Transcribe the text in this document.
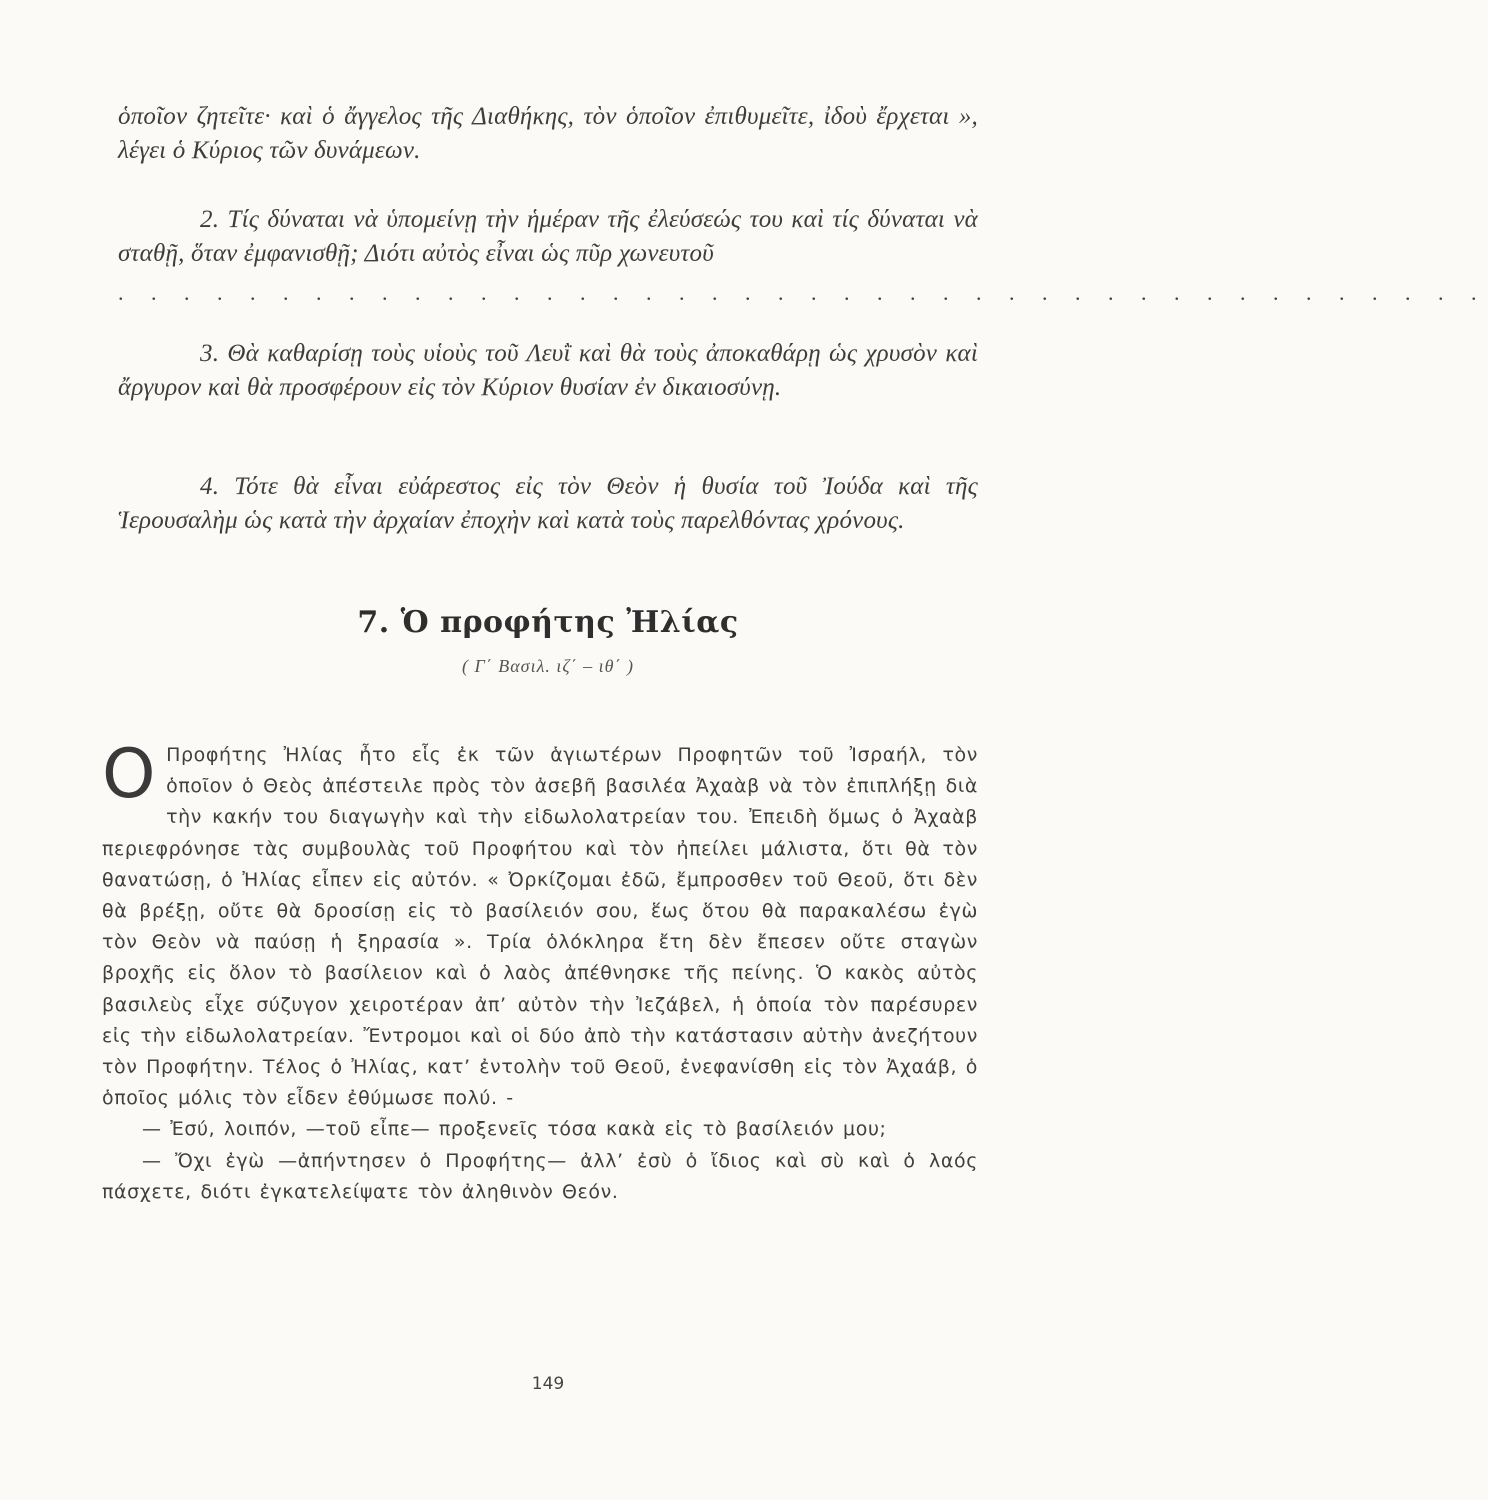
ὁποῖον ζητεῖτε· καὶ ὁ ἄγγελος τῆς Διαθήκης, τὸν ὁποῖον ἐπιθυμεῖτε, ἰδοὺ ἔρχεται », λέγει ὁ Κύριος τῶν δυνάμεων.

2. Τίς δύναται νὰ ὑπομείνῃ τὴν ἡμέραν τῆς ἐλεύσεώς του καὶ τίς δύναται νὰ σταθῇ, ὅταν ἐμφανισθῇ; Διότι αὐτὸς εἶναι ὡς πῦρ χωνευτοῦ

. . . . . . . . . . . . . . . . . . . . . . . . . . . . . . . . . . . . . . . . . .

3. Θὰ καθαρίσῃ τοὺς υἱοὺς τοῦ Λευῒ καὶ θὰ τοὺς ἀποκαθάρῃ ὡς χρυσὸν καὶ ἄργυρον καὶ θὰ προσφέρουν εἰς τὸν Κύριον θυσίαν ἐν δικαιοσύνῃ.

4. Τότε θὰ εἶναι εὐάρεστος εἰς τὸν Θεὸν ἡ θυσία τοῦ Ἰούδα καὶ τῆς Ἱερουσαλὴμ ὡς κατὰ τὴν ἀρχαίαν ἐποχὴν καὶ κατὰ τοὺς παρελθόντας χρόνους.

7. Ὁ προφήτης Ἠλίας
( Γ΄ Βασιλ. ιζ΄ – ιθ΄ )

Ο Προφήτης Ἠλίας ἦτο εἷς ἐκ τῶν ἁγιωτέρων Προφητῶν τοῦ Ἰσραήλ, τὸν ὁποῖον ὁ Θεὸς ἀπέστειλε πρὸς τὸν ἀσεβῆ βασιλέα Ἀχαὰβ νὰ τὸν ἐπιπλήξῃ διὰ τὴν κακήν του διαγωγὴν καὶ τὴν εἰδωλολατρείαν του. Ἐπειδὴ ὅμως ὁ Ἀχαὰβ περιεφρόνησε τὰς συμβουλὰς τοῦ Προφήτου καὶ τὸν ἠπείλει μάλιστα, ὅτι θὰ τὸν θανατώσῃ, ὁ Ἠλίας εἶπεν εἰς αὐτόν. « Ὀρκίζομαι ἐδῶ, ἔμπροσθεν τοῦ Θεοῦ, ὅτι δὲν θὰ βρέξῃ, οὔτε θὰ δροσίσῃ εἰς τὸ βασίλειόν σου, ἕως ὅτου θὰ παρακαλέσω ἐγὼ τὸν Θεὸν νὰ παύσῃ ἡ ξηρασία ». Τρία ὁλόκληρα ἔτη δὲν ἔπεσεν οὔτε σταγὼν βροχῆς εἰς ὅλον τὸ βασίλειον καὶ ὁ λαὸς ἀπέθνησκε τῆς πείνης. Ὁ κακὸς αὐτὸς βασιλεὺς εἶχε σύζυγον χειροτέραν ἀπ’ αὐτὸν τὴν Ἰεζάβελ, ἡ ὁποία τὸν παρέσυρεν εἰς τὴν εἰδωλολατρείαν. Ἔντρομοι καὶ οἱ δύο ἀπὸ τὴν κατάστασιν αὐτὴν ἀνεζήτουν τὸν Προφήτην. Τέλος ὁ Ἠλίας, κατ’ ἐντολὴν τοῦ Θεοῦ, ἐνεφανίσθη εἰς τὸν Ἀχαάβ, ὁ ὁποῖος μόλις τὸν εἶδεν ἐθύμωσε πολύ. -

— Ἐσύ, λοιπόν, —τοῦ εἶπε— προξενεῖς τόσα κακὰ εἰς τὸ βασίλειόν μου;

— Ὄχι ἐγὼ —ἀπήντησεν ὁ Προφήτης— ἀλλ’ ἐσὺ ὁ ἴδιος καὶ σὺ καὶ ὁ λαός πάσχετε, διότι ἐγκατελείψατε τὸν ἀληθινὸν Θεόν.

149
